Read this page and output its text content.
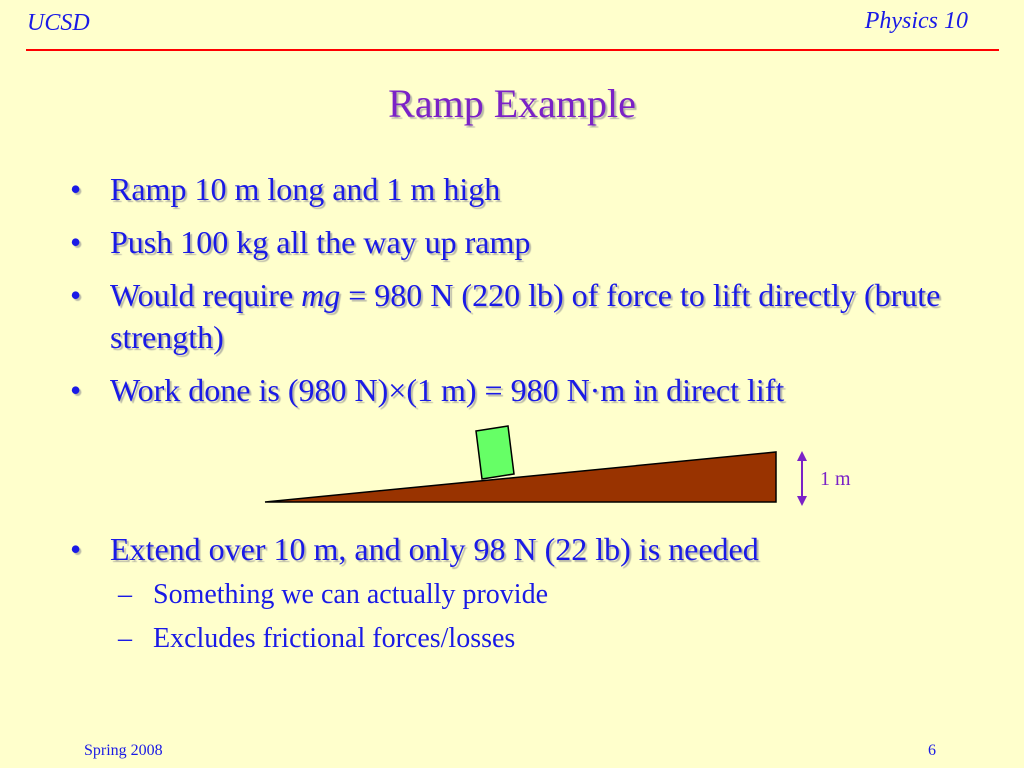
UCSD	Physics 10
Ramp Example
• Ramp 10 m long and 1 m high
• Push 100 kg all the way up ramp
• Would require mg = 980 N (220 lb) of force to lift directly (brute strength)
• Work done is (980 N)×(1 m) = 980 N·m in direct lift
1 m
• Extend over 10 m, and only 98 N (22 lb) is needed
– Something we can actually provide
– Excludes frictional forces/losses
Spring 2008	6
